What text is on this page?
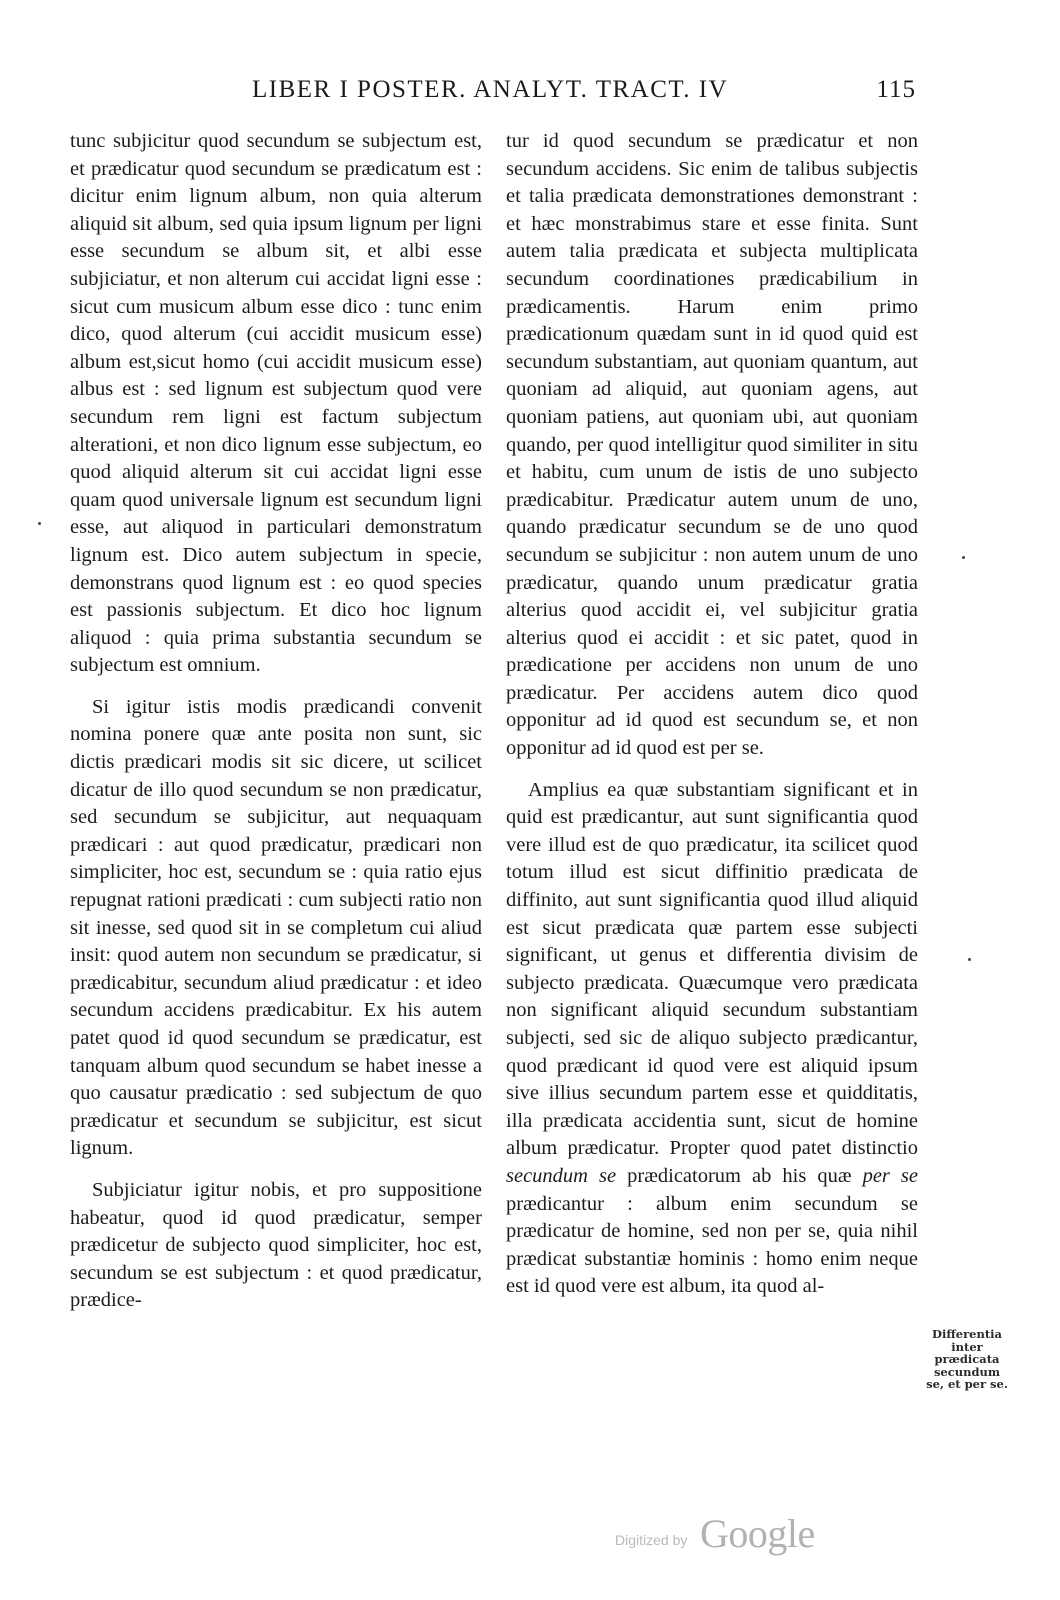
LIBER I POSTER. ANALYT. TRACT. IV	115

tunc subjicitur quod secundum se subjectum est, et prædicatur quod secundum se prædicatum est : dicitur enim lignum album, non quia alterum aliquid sit album, sed quia ipsum lignum per ligni esse secundum se album sit, et albi esse subjiciatur, et non alterum cui accidat ligni esse : sicut cum musicum album esse dico : tunc enim dico, quod alterum (cui accidit musicum esse) album est,sicut homo (cui accidit musicum esse) albus est : sed lignum est subjectum quod vere secundum rem ligni est factum subjectum alterationi, et non dico lignum esse subjectum, eo quod aliquid alterum sit cui accidat ligni esse quam quod universale lignum est secundum ligni esse, aut aliquod in particulari demonstratum lignum est. Dico autem subjectum in specie, demonstrans quod lignum est : eo quod species est passionis subjectum. Et dico hoc lignum aliquod : quia prima substantia secundum se subjectum est omnium.

Si igitur istis modis prædicandi convenit nomina ponere quæ ante posita non sunt, sic dictis prædicari modis sit sic dicere, ut scilicet dicatur de illo quod secundum se non prædicatur, sed secundum se subjicitur, aut nequaquam prædicari : aut quod prædicatur, prædicari non simpliciter, hoc est, secundum se : quia ratio ejus repugnat rationi prædicati : cum subjecti ratio non sit inesse, sed quod sit in se completum cui aliud insit: quod autem non secundum se prædicatur, si prædicabitur, secundum aliud prædicatur : et ideo secundum accidens prædicabitur. Ex his autem patet quod id quod secundum se prædicatur, est tanquam album quod secundum se habet inesse a quo causatur prædicatio : sed subjectum de quo prædicatur et secundum se subjicitur, est sicut lignum.

Subjiciatur igitur nobis, et pro suppositione habeatur, quod id quod prædicatur, semper prædicetur de subjecto quod simpliciter, hoc est, secundum se est subjectum : et quod prædicatur, prædice-

tur id quod secundum se prædicatur et non secundum accidens. Sic enim de talibus subjectis et talia prædicata demonstrationes demonstrant : et hæc monstrabimus stare et esse finita. Sunt autem talia prædicata et subjecta multiplicata secundum coordinationes prædicabilium in prædicamentis. Harum enim primo prædicationum quædam sunt in id quod quid est secundum substantiam, aut quoniam quantum, aut quoniam ad aliquid, aut quoniam agens, aut quoniam patiens, aut quoniam ubi, aut quoniam quando, per quod intelligitur quod similiter in situ et habitu, cum unum de istis de uno subjecto prædicabitur. Prædicatur autem unum de uno, quando prædicatur secundum se de uno quod secundum se subjicitur : non autem unum de uno prædicatur, quando unum prædicatur gratia alterius quod accidit ei, vel subjicitur gratia alterius quod ei accidit : et sic patet, quod in prædicatione per accidens non unum de uno prædicatur. Per accidens autem dico quod opponitur ad id quod est secundum se, et non opponitur ad id quod est per se.

Amplius ea quæ substantiam significant et in quid est prædicantur, aut sunt significantia quod vere illud est de quo prædicatur, ita scilicet quod totum illud est sicut diffinitio prædicata de diffinito, aut sunt significantia quod illud aliquid est sicut prædicata quæ partem esse subjecti significant, ut genus et differentia divisim de subjecto prædicata. Quæcumque vero prædicata non significant aliquid secundum substantiam subjecti, sed sic de aliquo subjecto prædicantur, quod prædicant id quod vere est aliquid ipsum sive illius secundum partem esse et quidditatis, illa prædicata accidentia sunt, sicut de homine album prædicatur. Propter quod patet distinctio secundum se prædicatorum ab his quæ per se prædicantur : album enim secundum se prædicatur de homine, sed non per se, quia nihil prædicat substantiæ hominis : homo enim neque est id quod vere est album, ita quod al-

Differentia inter prædicata secundum se, et per se.
Digitized by Google
